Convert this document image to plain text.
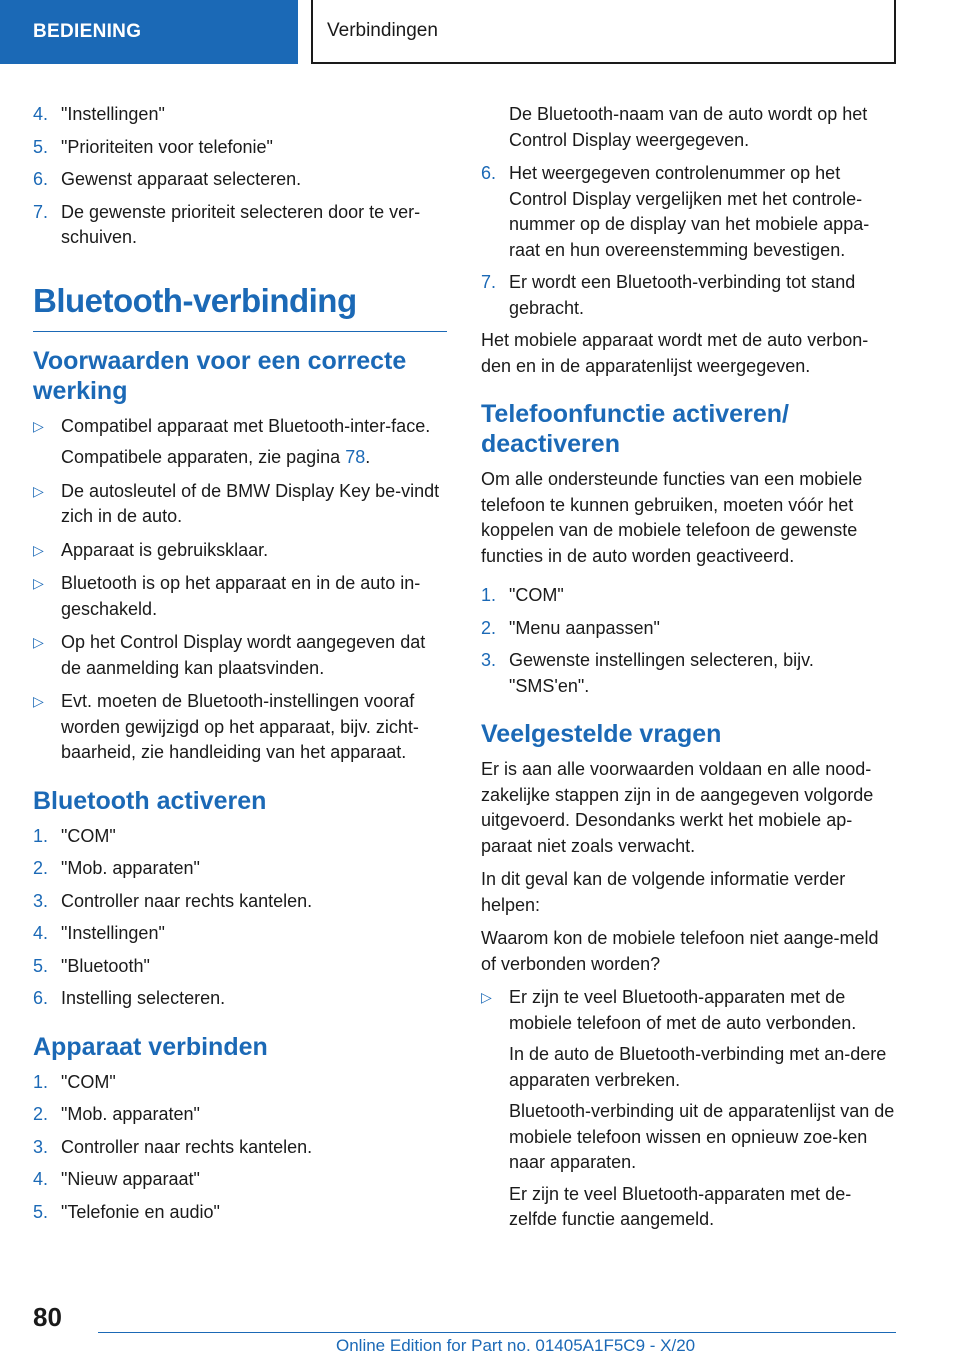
BEDIENING	Verbindingen
4. "Instellingen"
5. "Prioriteiten voor telefonie"
6. Gewenst apparaat selecteren.
7. De gewenste prioriteit selecteren door te ver-schuiven.
Bluetooth-verbinding
Voorwaarden voor een correcte werking
▷ Compatibel apparaat met Bluetooth-inter-face.

Compatibele apparaten, zie pagina 78.

▷ De autosleutel of de BMW Display Key be-vindt zich in de auto.
▷ Apparaat is gebruiksklaar.
▷ Bluetooth is op het apparaat en in de auto in-geschakeld.
▷ Op het Control Display wordt aangegeven dat de aanmelding kan plaatsvinden.
▷ Evt. moeten de Bluetooth-instellingen vooraf worden gewijzigd op het apparaat, bijv. zicht-baarheid, zie handleiding van het apparaat.
Bluetooth activeren
1. "COM"
2. "Mob. apparaten"
3. Controller naar rechts kantelen.
4. "Instellingen"
5. "Bluetooth"
6. Instelling selecteren.
Apparaat verbinden
1. "COM"
2. "Mob. apparaten"
3. Controller naar rechts kantelen.
4. "Nieuw apparaat"
5. "Telefonie en audio"

De Bluetooth-naam van de auto wordt op het Control Display weergegeven.

6. Het weergegeven controlenummer op het Control Display vergelijken met het controle-nummer op de display van het mobiele appa-raat en hun overeenstemming bevestigen.
7. Er wordt een Bluetooth-verbinding tot stand gebracht.

Het mobiele apparaat wordt met de auto verbon-den en in de apparatenlijst weergegeven.

Telefoonfunctie activeren/ deactiveren

Om alle ondersteunde functies van een mobiele telefoon te kunnen gebruiken, moeten vóór het koppelen van de mobiele telefoon de gewenste functies in de auto worden geactiveerd.

1. "COM"
2. "Menu aanpassen"
3. Gewenste instellingen selecteren, bijv. "SMS'en".
Veelgestelde vragen

Er is aan alle voorwaarden voldaan en alle nood-zakelijke stappen zijn in de aangegeven volgorde uitgevoerd. Desondanks werkt het mobiele ap-paraat niet zoals verwacht.

In dit geval kan de volgende informatie verder helpen:

Waarom kon de mobiele telefoon niet aange-meld of verbonden worden?

▷ Er zijn te veel Bluetooth-apparaten met de mobiele telefoon of met de auto verbonden.

In de auto de Bluetooth-verbinding met an-dere apparaten verbreken.

Bluetooth-verbinding uit de apparatenlijst van de mobiele telefoon wissen en opnieuw zoe-ken naar apparaten.

Er zijn te veel Bluetooth-apparaten met de-zelfde functie aangemeld.

80
Online Edition for Part no. 01405A1F5C9 - X/20
